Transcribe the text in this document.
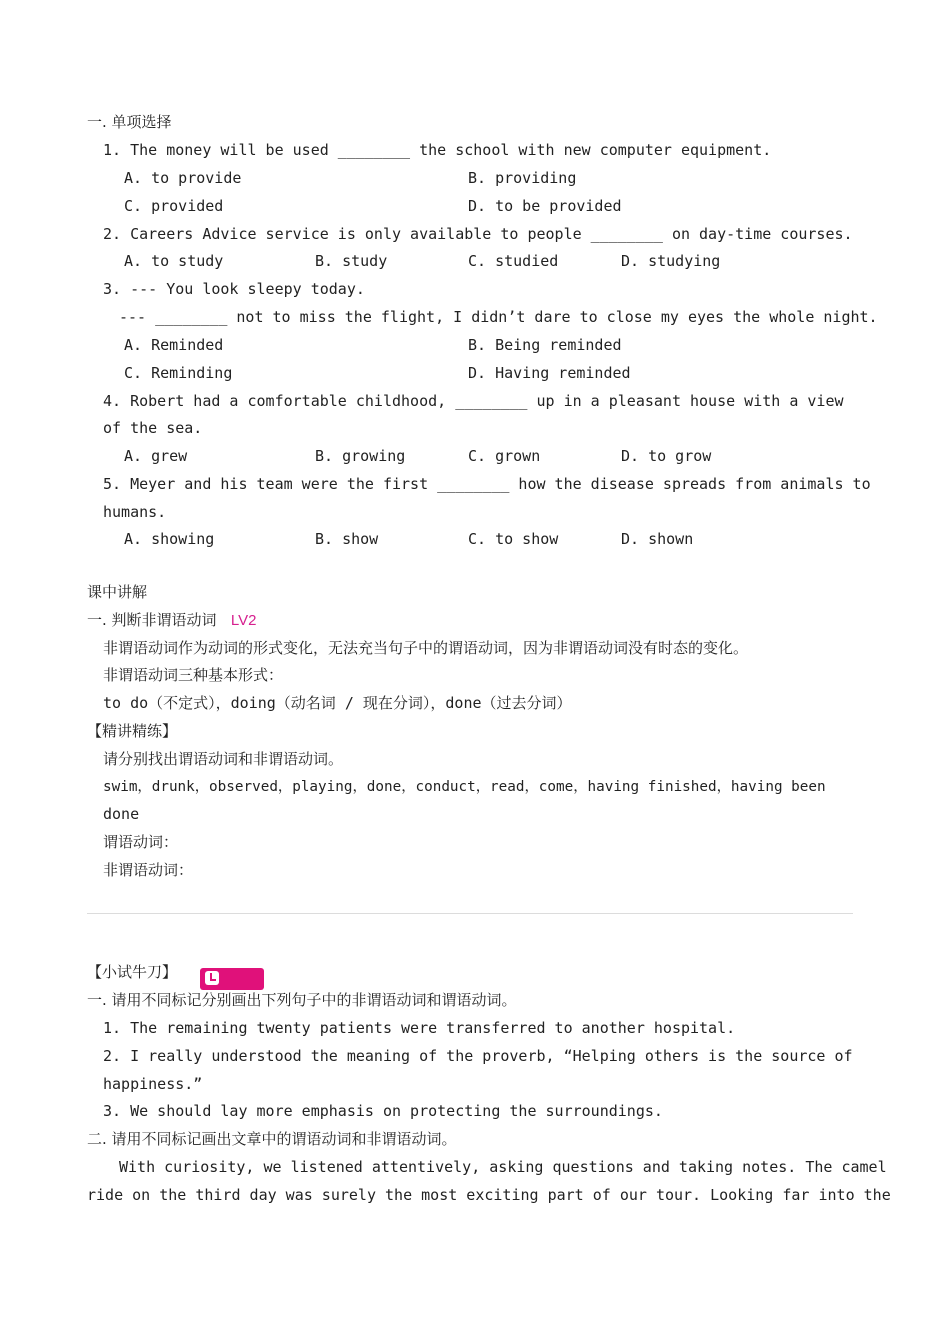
一. 单项选择
1. The money will be used ________ the school with new computer equipment.
A. to provide	B. providing
C. provided	D. to be provided
2. Careers Advice service is only available to people ________ on day-time courses.
A. to study	B. study	C. studied	D. studying
3. --- You look sleepy today.
--- ________ not to miss the flight, I didn’t dare to close my eyes the whole night.
A. Reminded	B. Being reminded
C. Reminding	D. Having reminded
4. Robert had a comfortable childhood, ________ up in a pleasant house with a view
of the sea.
A. grew	B. growing	C. grown	D. to grow
5. Meyer and his team were the first ________ how the disease spreads from animals to
humans.
A. showing	B. show	C. to show	D. shown
课中讲解
一. 判断非谓语动词 LV2
非谓语动词作为动词的形式变化，无法充当句子中的谓语动词，因为非谓语动词没有时态的变化。
非谓语动词三种基本形式：
to do（不定式），doing（动名词 / 现在分词），done（过去分词）
【精讲精练】
请分别找出谓语动词和非谓语动词。
swim，drunk，observed，playing，done，conduct，read，come，having finished，having been
done
谓语动词：
非谓语动词：
【小试牛刀】
一. 请用不同标记分别画出下列句子中的非谓语动词和谓语动词。
1. The remaining twenty patients were transferred to another hospital.
2. I really understood the meaning of the proverb, “Helping others is the source of
happiness.”
3. We should lay more emphasis on protecting the surroundings.
二. 请用不同标记画出文章中的谓语动词和非谓语动词。
With curiosity, we listened attentively, asking questions and taking notes. The camel
ride on the third day was surely the most exciting part of our tour. Looking far into the
